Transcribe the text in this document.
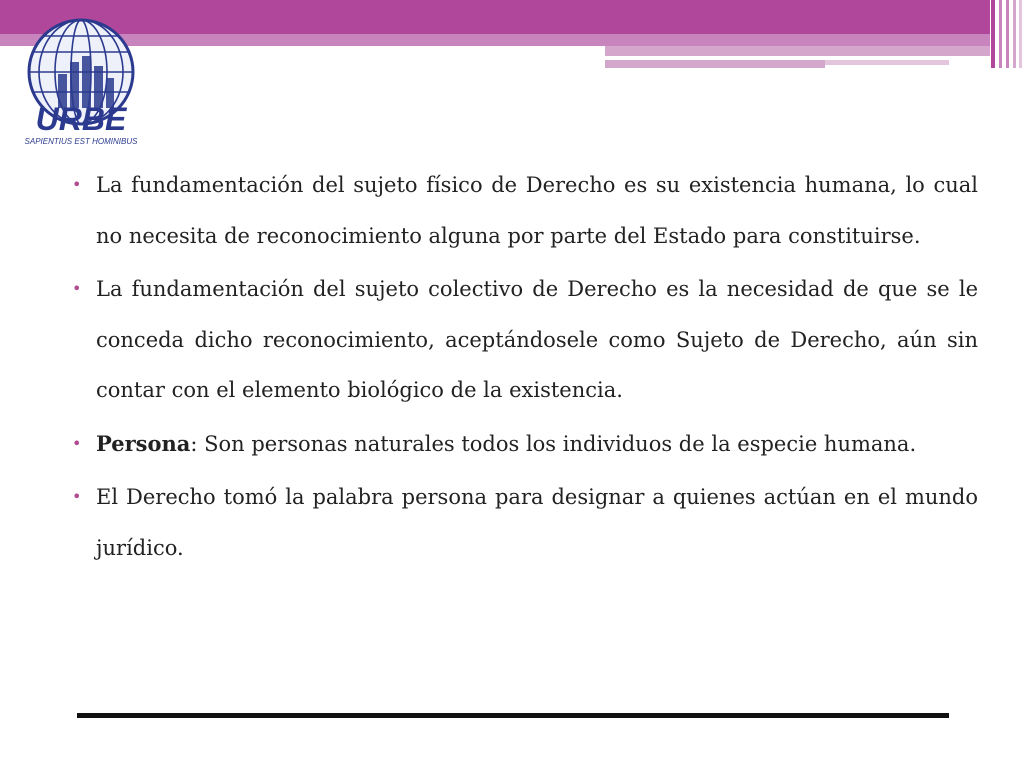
URBE
SAPIENTIUS EST HOMINIBUS

• La fundamentación del sujeto físico de Derecho es su existencia humana, lo cual no necesita de reconocimiento alguna por parte del Estado para constituirse.

• La fundamentación del sujeto colectivo de Derecho es la necesidad de que se le conceda dicho reconocimiento, aceptándosele como Sujeto de Derecho, aún sin contar con el elemento biológico de la existencia.

• Persona: Son personas naturales todos los individuos de la especie humana.

• El Derecho tomó la palabra persona para designar a quienes actúan en el mundo jurídico.
